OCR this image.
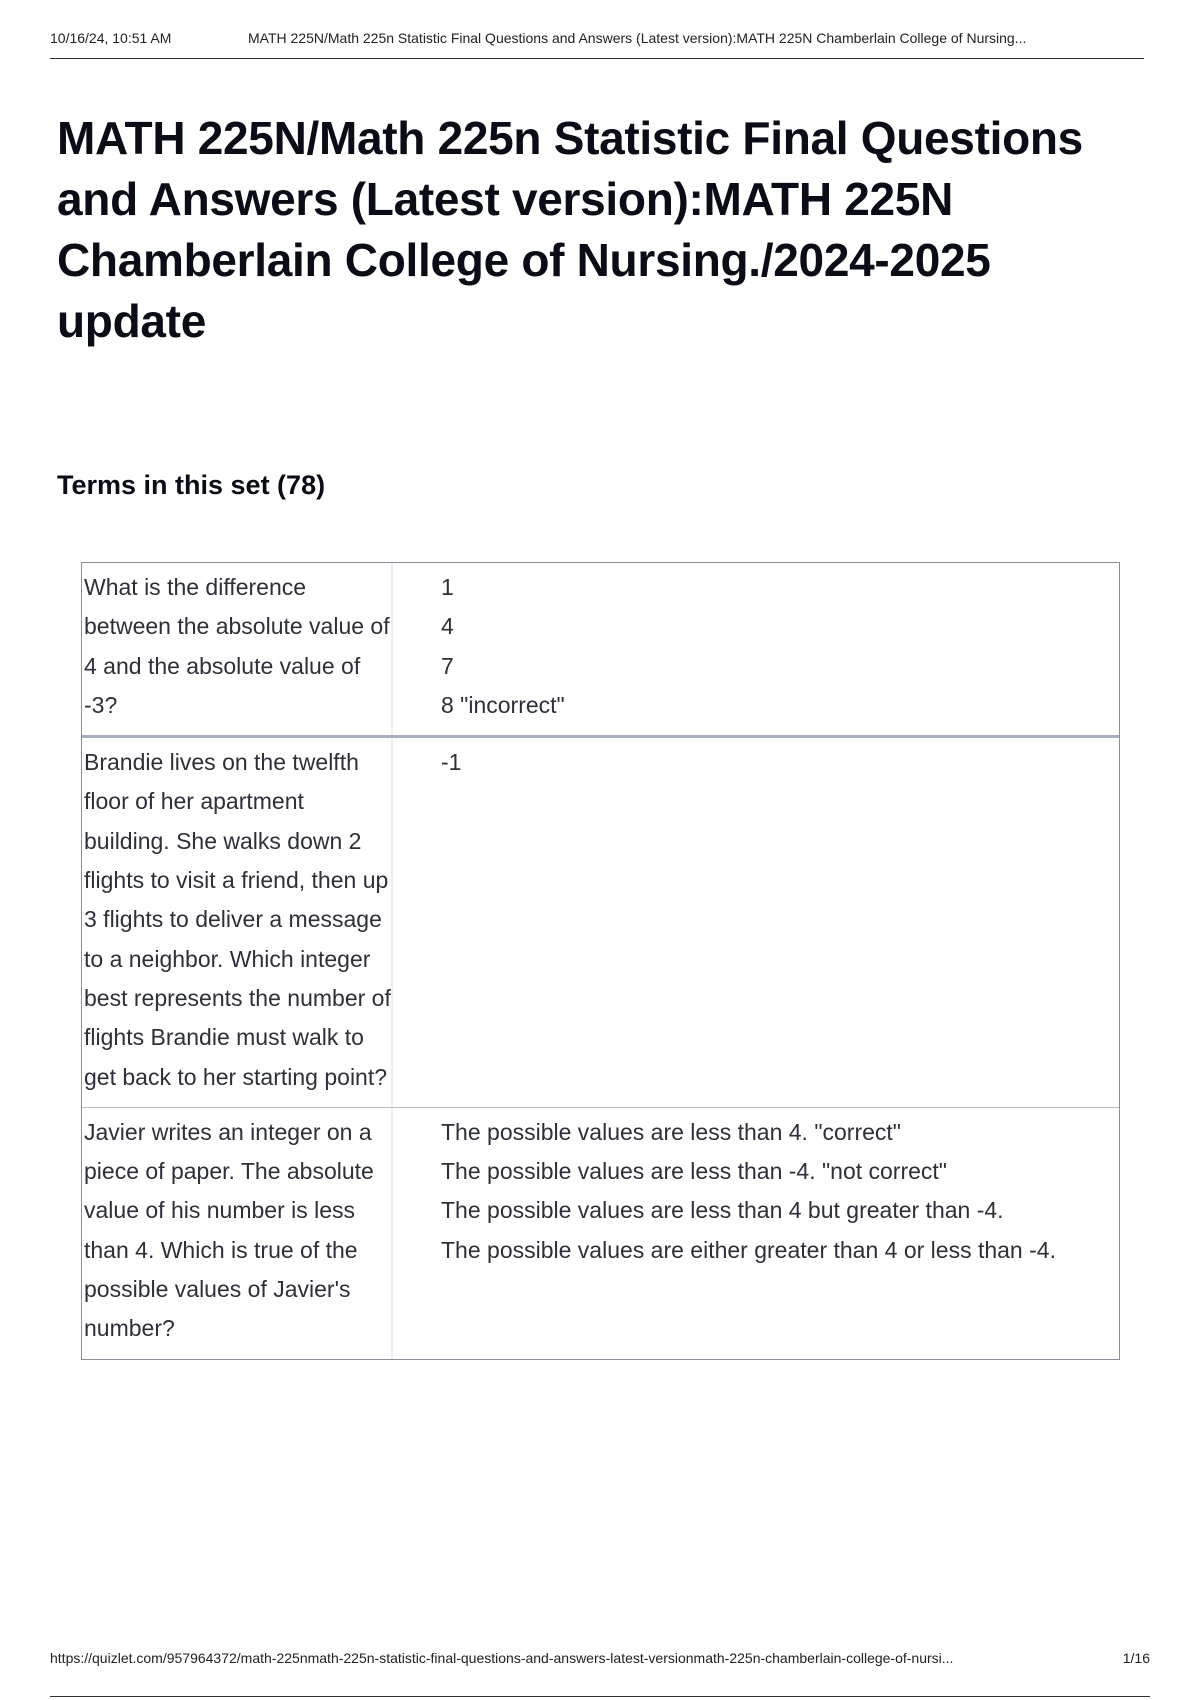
10/16/24, 10:51 AM	MATH 225N/Math 225n Statistic Final Questions and Answers (Latest version):MATH 225N Chamberlain College of Nursing...
MATH 225N/Math 225n Statistic Final Questions and Answers (Latest version):MATH 225N Chamberlain College of Nursing./2024-2025 update
Terms in this set (78)
What is the difference between the absolute value of 4 and the absolute value of -3?
1
4
7
8 "incorrect"
Brandie lives on the twelfth floor of her apartment building. She walks down 2 flights to visit a friend, then up 3 flights to deliver a message to a neighbor. Which integer best represents the number of flights Brandie must walk to get back to her starting point?
-1
Javier writes an integer on a piece of paper. The absolute value of his number is less than 4. Which is true of the possible values of Javier's number?
The possible values are less than 4. "correct"
The possible values are less than -4. "not correct"
The possible values are less than 4 but greater than -4.
The possible values are either greater than 4 or less than -4.
https://quizlet.com/957964372/math-225nmath-225n-statistic-final-questions-and-answers-latest-versionmath-225n-chamberlain-college-of-nursi...	1/16
